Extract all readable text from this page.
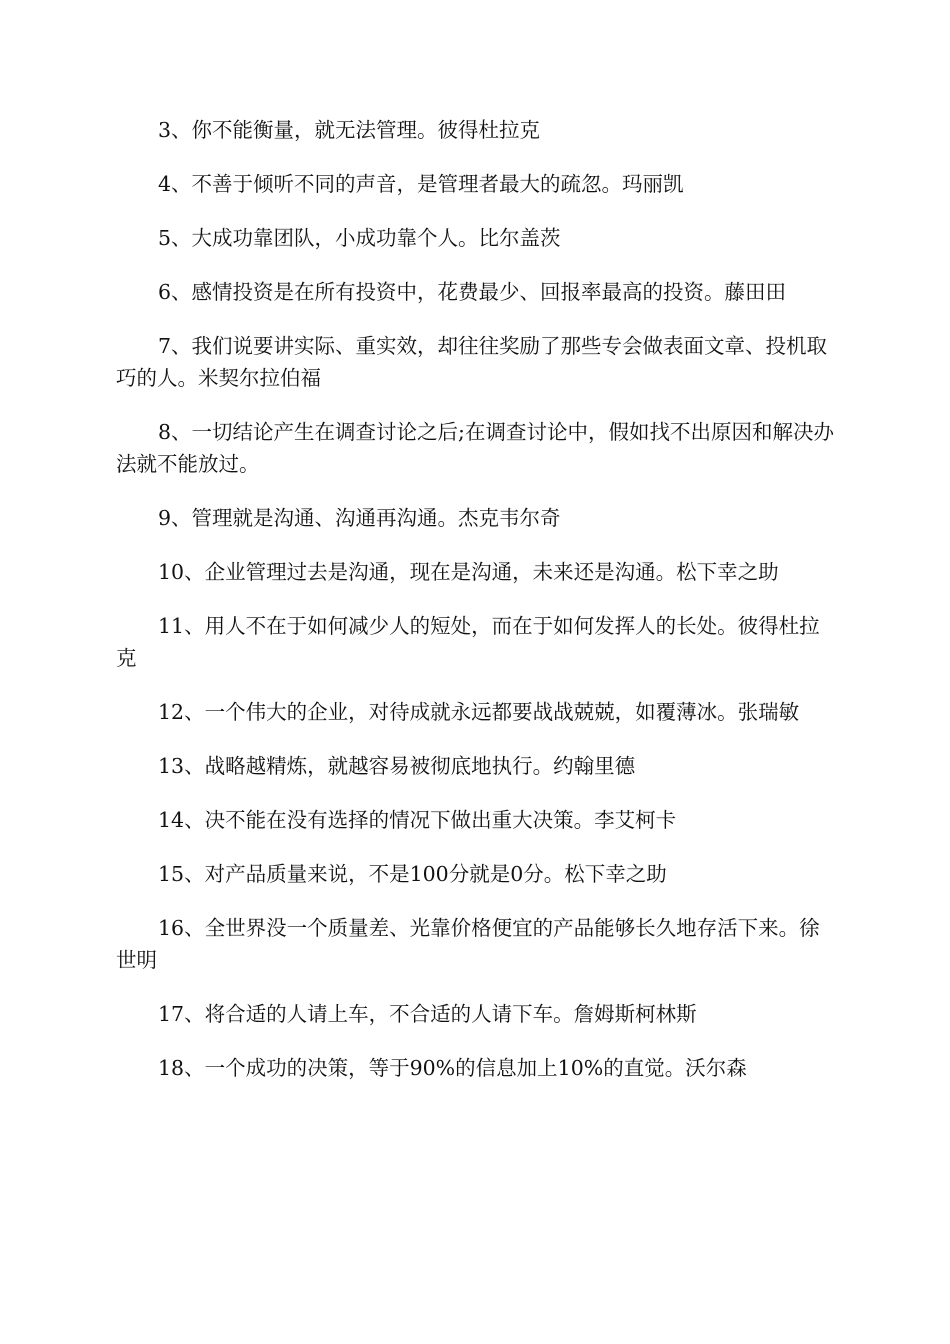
3、你不能衡量，就无法管理。彼得杜拉克

4、不善于倾听不同的声音，是管理者最大的疏忽。玛丽凯

5、大成功靠团队，小成功靠个人。比尔盖茨

6、感情投资是在所有投资中，花费最少、回报率最高的投资。藤田田

7、我们说要讲实际、重实效，却往往奖励了那些专会做表面文章、投机取巧的人。米契尔拉伯福

8、一切结论产生在调查讨论之后;在调查讨论中，假如找不出原因和解决办法就不能放过。

9、管理就是沟通、沟通再沟通。杰克韦尔奇

10、企业管理过去是沟通，现在是沟通，未来还是沟通。松下幸之助

11、用人不在于如何减少人的短处，而在于如何发挥人的长处。彼得杜拉克

12、一个伟大的企业，对待成就永远都要战战兢兢，如覆薄冰。张瑞敏

13、战略越精炼，就越容易被彻底地执行。约翰里德

14、决不能在没有选择的情况下做出重大决策。李艾柯卡

15、对产品质量来说，不是100分就是0分。松下幸之助

16、全世界没一个质量差、光靠价格便宜的产品能够长久地存活下来。徐世明

17、将合适的人请上车，不合适的人请下车。詹姆斯柯林斯

18、一个成功的决策，等于90%的信息加上10%的直觉。沃尔森
